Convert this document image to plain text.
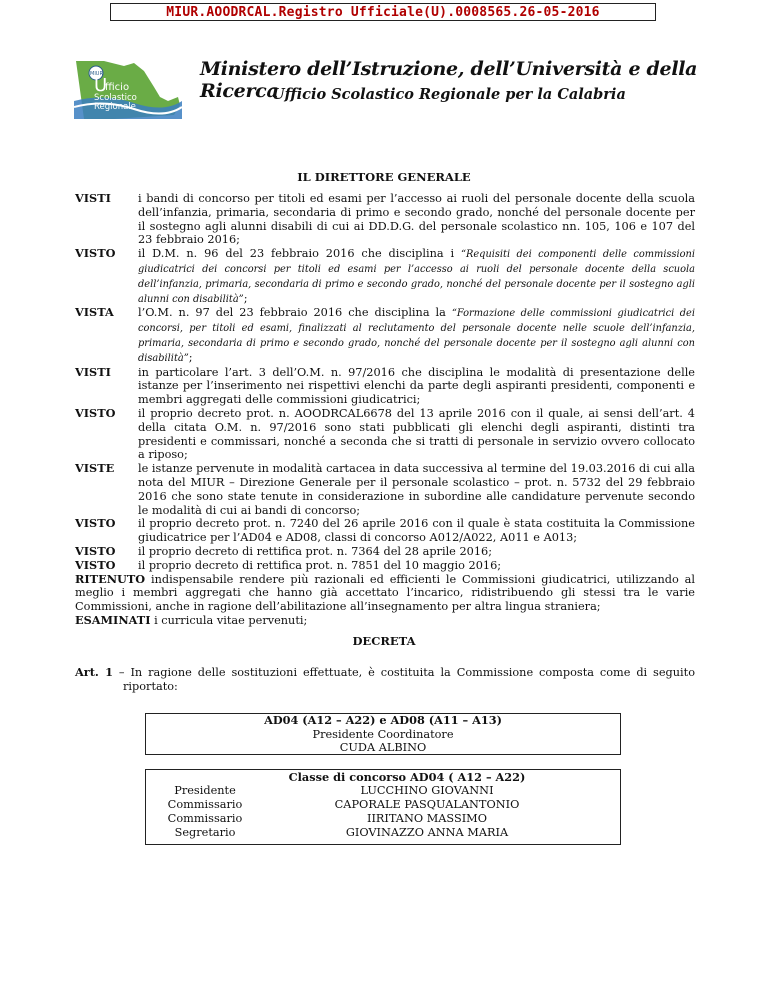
MIUR.AOODRCAL.Registro Ufficiale(U).0008565.26-05-2016
MIUR
U
fficio
Scolastico
Regionale
Ministero dell’Istruzione, dell’Università e della Ricerca
Ufficio Scolastico Regionale per la Calabria
IL DIRETTORE GENERALE
VISTI	i bandi di concorso per titoli ed esami per l’accesso ai ruoli del personale docente della scuola dell’infanzia, primaria, secondaria di primo e secondo grado, nonché del personale docente per il sostegno agli alunni disabili di cui ai DD.D.G. del personale scolastico nn. 105, 106 e 107 del 23 febbraio 2016;
VISTO	il D.M. n. 96 del 23 febbraio 2016 che disciplina i “Requisiti dei componenti delle commissioni giudicatrici dei concorsi per titoli ed esami per l’accesso ai ruoli del personale docente della scuola dell’infanzia, primaria, secondaria di primo e secondo grado, nonché del personale docente per il sostegno agli alunni con disabilità”;
VISTA	l’O.M. n. 97 del 23 febbraio 2016 che disciplina la “Formazione delle commissioni giudicatrici dei concorsi, per titoli ed esami, finalizzati al reclutamento del personale docente nelle scuole dell’infanzia, primaria, secondaria di primo e secondo grado, nonché del personale docente per il sostegno agli alunni con disabilità”;
VISTI	in particolare l’art. 3 dell’O.M. n. 97/2016 che disciplina le modalità di presentazione delle istanze per l’inserimento nei rispettivi elenchi da parte degli aspiranti presidenti, componenti e membri aggregati delle commissioni giudicatrici;
VISTO	il proprio decreto prot. n. AOODRCAL6678 del 13 aprile 2016 con il quale, ai sensi dell’art. 4 della citata O.M. n. 97/2016 sono stati pubblicati gli elenchi degli aspiranti, distinti tra presidenti e commissari, nonché a seconda che si tratti di personale in servizio ovvero collocato a riposo;
VISTE	le istanze pervenute in modalità cartacea in data successiva al termine del 19.03.2016 di cui alla nota del MIUR – Direzione Generale per il personale scolastico – prot. n. 5732 del 29 febbraio 2016 che sono state tenute in considerazione in subordine alle candidature pervenute secondo le modalità di cui ai bandi di concorso;
VISTO	il proprio decreto prot. n. 7240 del 26 aprile 2016 con il quale è stata costituita la Commissione giudicatrice per l’AD04 e AD08, classi di concorso A012/A022, A011 e A013;
VISTO	il proprio decreto di rettifica prot. n. 7364 del 28 aprile 2016;
VISTO	il proprio decreto di rettifica prot. n. 7851 del 10 maggio 2016;
RITENUTO indispensabile rendere più razionali ed efficienti le Commissioni giudicatrici, utilizzando al meglio i membri aggregati che hanno già accettato l’incarico, ridistribuendo gli stessi tra le varie Commissioni, anche in ragione dell’abilitazione all’insegnamento per altra lingua straniera;
ESAMINATI i curricula vitae pervenuti;
DECRETA
Art. 1 – In ragione delle sostituzioni effettuate, è costituita la Commissione composta come di seguito riportato:
AD04 (A12 – A22) e AD08 (A11 – A13)
Presidente Coordinatore
CUDA ALBINO
Classe di concorso AD04 ( A12 – A22)
Presidente	LUCCHINO GIOVANNI
Commissario	CAPORALE PASQUALANTONIO
Commissario	IIRITANO MASSIMO
Segretario	GIOVINAZZO ANNA MARIA
